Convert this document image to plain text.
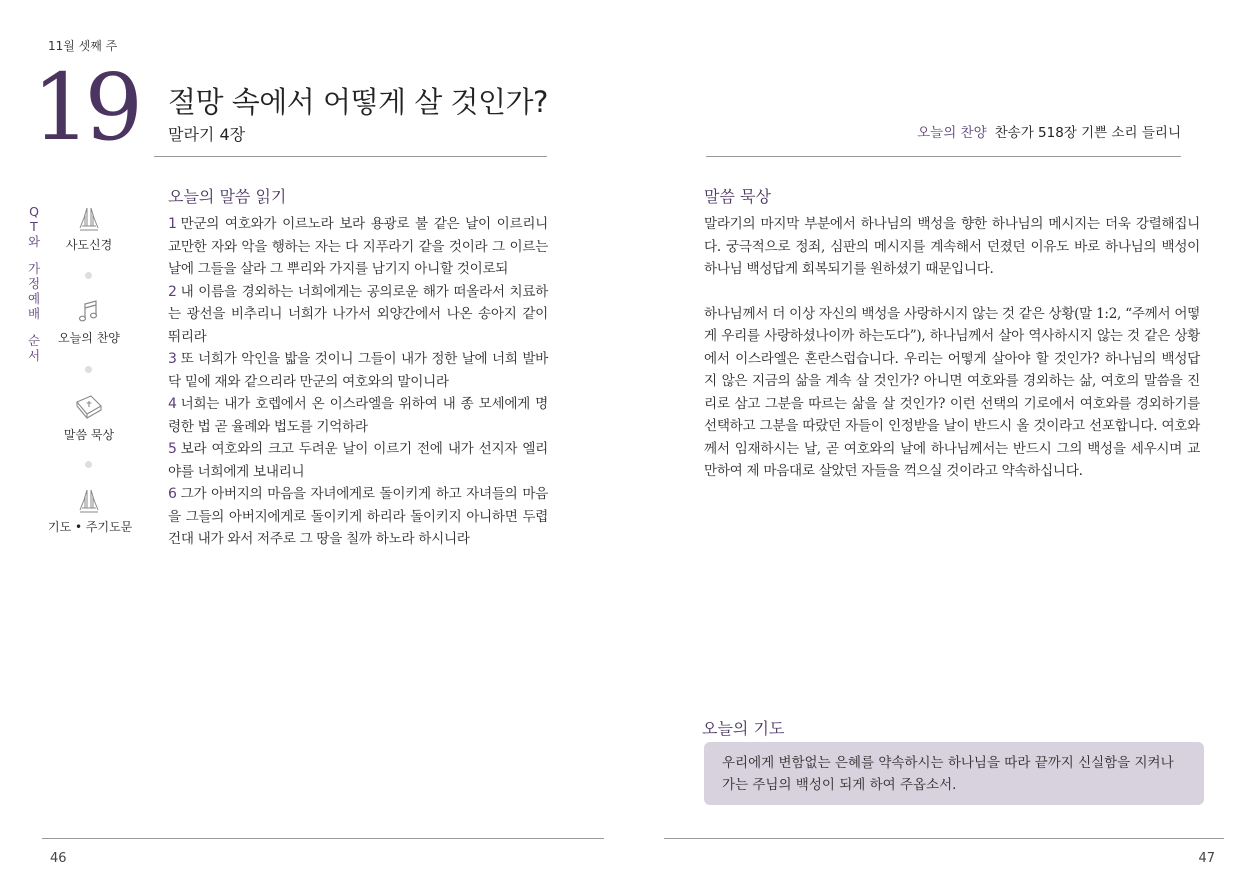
11월 셋째 주
19 절망 속에서 어떻게 살 것인가?
말라기 4장
Q
T
와
가
정
예
배
순
서
사도신경
오늘의 찬양
말씀 묵상
기도 • 주기도문
오늘의 말씀 읽기
1 만군의 여호와가 이르노라 보라 용광로 불 같은 날이 이르리니 교만한 자와 악을 행하는 자는 다 지푸라기 같을 것이라 그 이르는 날에 그들을 살라 그 뿌리와 가지를 남기지 아니할 것이로되
2 내 이름을 경외하는 너희에게는 공의로운 해가 떠올라서 치료하는 광선을 비추리니 너희가 나가서 외양간에서 나온 송아지 같이 뛰리라
3 또 너희가 악인을 밟을 것이니 그들이 내가 정한 날에 너희 발바닥 밑에 재와 같으리라 만군의 여호와의 말이니라
4 너희는 내가 호렙에서 온 이스라엘을 위하여 내 종 모세에게 명령한 법 곧 율례와 법도를 기억하라
5 보라 여호와의 크고 두려운 날이 이르기 전에 내가 선지자 엘리야를 너희에게 보내리니
6 그가 아버지의 마음을 자녀에게로 돌이키게 하고 자녀들의 마음을 그들의 아버지에게로 돌이키게 하리라 돌이키지 아니하면 두렵건대 내가 와서 저주로 그 땅을 칠까 하노라 하시니라
46
오늘의 찬양 찬송가 518장 기쁜 소리 들리니
말씀 묵상

말라기의 마지막 부분에서 하나님의 백성을 향한 하나님의 메시지는 더욱 강렬해집니다. 궁극적으로 정죄, 심판의 메시지를 계속해서 던졌던 이유도 바로 하나님의 백성이 하나님 백성답게 회복되기를 원하셨기 때문입니다.

하나님께서 더 이상 자신의 백성을 사랑하시지 않는 것 같은 상황(말 1:2, “주께서 어떻게 우리를 사랑하셨나이까 하는도다”), 하나님께서 살아 역사하시지 않는 것 같은 상황에서 이스라엘은 혼란스럽습니다. 우리는 어떻게 살아야 할 것인가? 하나님의 백성답지 않은 지금의 삶을 계속 살 것인가? 아니면 여호와를 경외하는 삶, 여호의 말씀을 진리로 삼고 그분을 따르는 삶을 살 것인가? 이런 선택의 기로에서 여호와를 경외하기를 선택하고 그분을 따랐던 자들이 인정받을 날이 반드시 올 것이라고 선포합니다. 여호와께서 임재하시는 날, 곧 여호와의 날에 하나님께서는 반드시 그의 백성을 세우시며 교만하여 제 마음대로 살았던 자들을 꺽으실 것이라고 약속하십니다.

오늘의 기도
우리에게 변함없는 은혜를 약속하시는 하나님을 따라 끝까지 신실함을 지켜나가는 주님의 백성이 되게 하여 주옵소서.
47
